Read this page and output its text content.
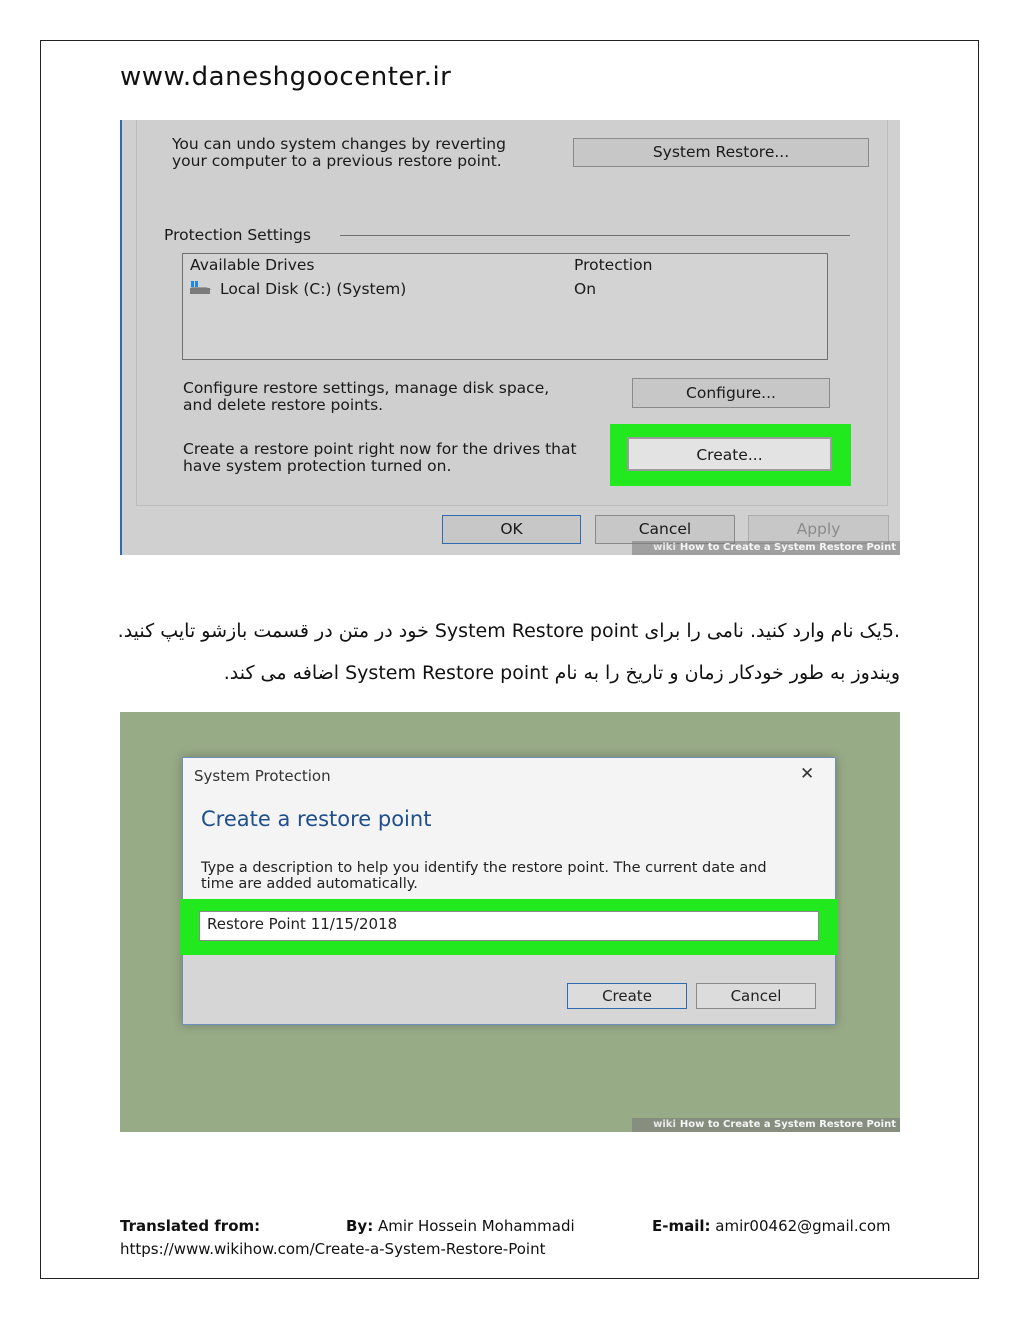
www.daneshgoocenter.ir
You can undo system changes by reverting
your computer to a previous restore point.	System Restore...
Protection Settings
Available Drives	Protection
Local Disk (C:) (System)	On
Configure restore settings, manage disk space,
and delete restore points.
Configure...
Create a restore point right now for the drives that
have system protection turned on.
Create...
OK	Cancel	Apply
wiki How to Create a System Restore Point
.5یک نام وارد کنید. نامی را برای System Restore point خود در متن در قسمت بازشو تایپ کنید.
ویندوز به طور خودکار زمان و تاریخ را به نام System Restore point اضافه می کند.
System Protection	✕
Create a restore point
Type a description to help you identify the restore point. The current date and
time are added automatically.
Create	Cancel
Restore Point 11/15/2018
wiki How to Create a System Restore Point
Translated from:	By: Amir Hossein Mohammadi	E-mail: amir00462@gmail.com
https://www.wikihow.com/Create-a-System-Restore-Point
